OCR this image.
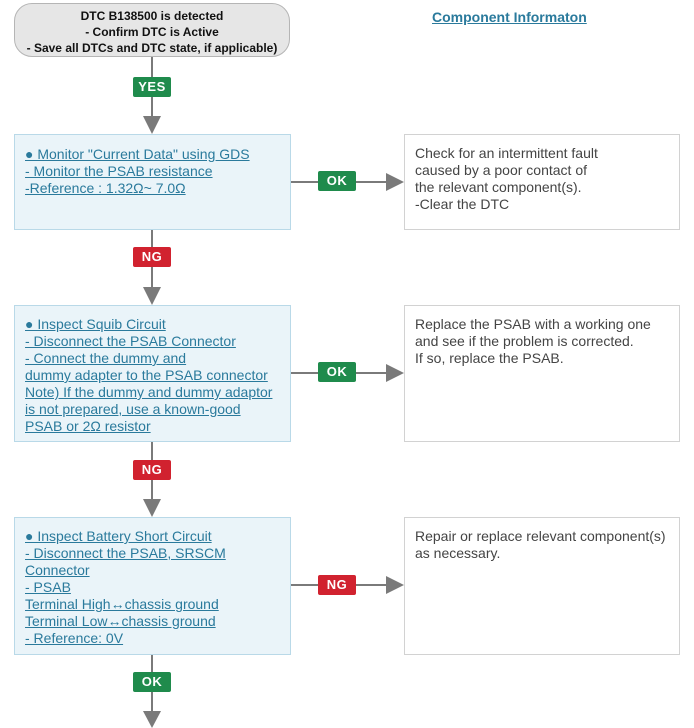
DTC B138500 is detected
- Confirm DTC is Active
- Save all DTCs and DTC state, if applicable)
Component Informaton
● Monitor "Current Data" using GDS
- Monitor the PSAB resistance
-Reference : 1.32Ω~ 7.0Ω
● Inspect Squib Circuit
- Disconnect the PSAB Connector
- Connect the dummy and
dummy adapter to the PSAB connector
Note) If the dummy and dummy adaptor
is not prepared, use a known-good
PSAB or 2Ω resistor
● Inspect Battery Short Circuit
- Disconnect the PSAB, SRSCM
Connector
- PSAB
Terminal High↔chassis ground
Terminal Low↔chassis ground
- Reference: 0V
Check for an intermittent fault
caused by a poor contact of
the relevant component(s).
-Clear the DTC
Replace the PSAB with a working one
and see if the problem is corrected.
If so, replace the PSAB.
Repair or replace relevant component(s)
as necessary.
YES
OK
NG
OK
NG
NG
OK
